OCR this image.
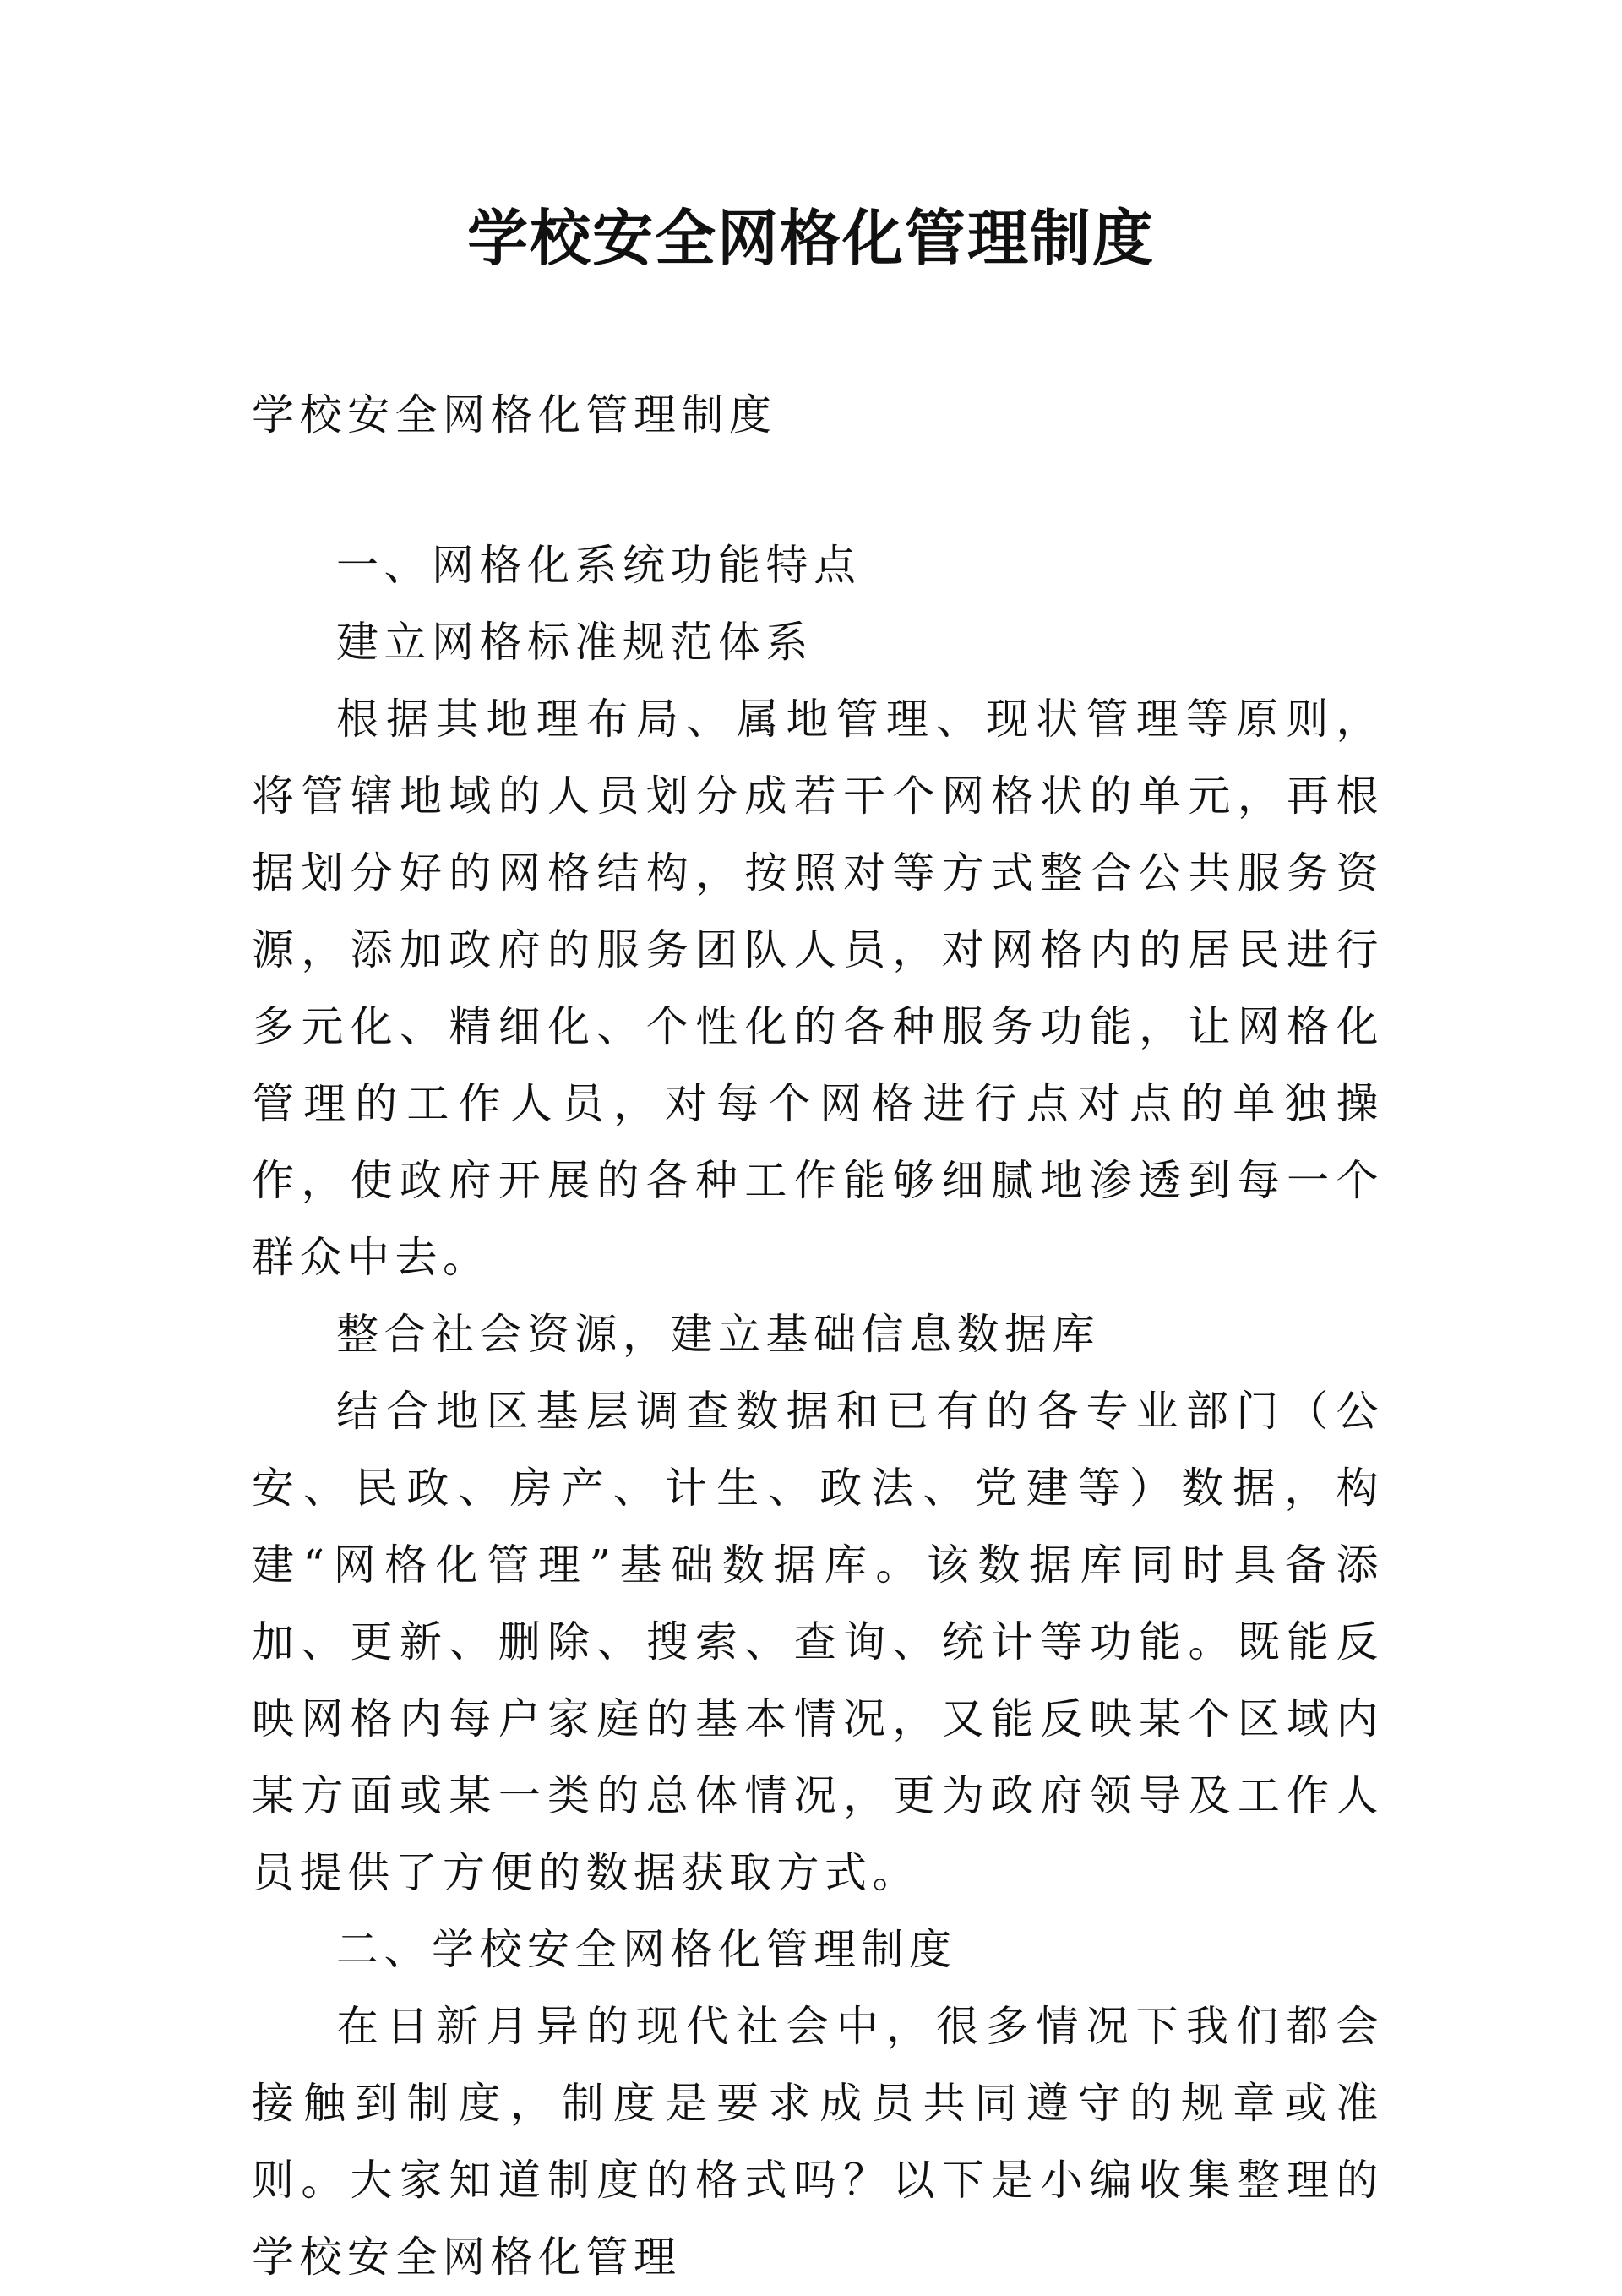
学校安全网格化管理制度

学校安全网格化管理制度

一、网格化系统功能特点

建立网格标准规范体系

根据其地理布局、属地管理、现状管理等原则，将管辖地域的人员划分成若干个网格状的单元，再根据划分好的网格结构，按照对等方式整合公共服务资源，添加政府的服务团队人员，对网格内的居民进行多元化、精细化、个性化的各种服务功能，让网格化管理的工作人员，对每个网格进行点对点的单独操作，使政府开展的各种工作能够细腻地渗透到每一个群众中去。

整合社会资源，建立基础信息数据库

结合地区基层调查数据和已有的各专业部门（公安、民政、房产、计生、政法、党建等）数据，构建“网格化管理”基础数据库。该数据库同时具备添加、更新、删除、搜索、查询、统计等功能。既能反映网格内每户家庭的基本情况，又能反映某个区域内某方面或某一类的总体情况，更为政府领导及工作人员提供了方便的数据获取方式。

二、学校安全网格化管理制度

在日新月异的现代社会中，很多情况下我们都会接触到制度，制度是要求成员共同遵守的规章或准则。大家知道制度的格式吗？以下是小编收集整理的学校安全网格化管理
